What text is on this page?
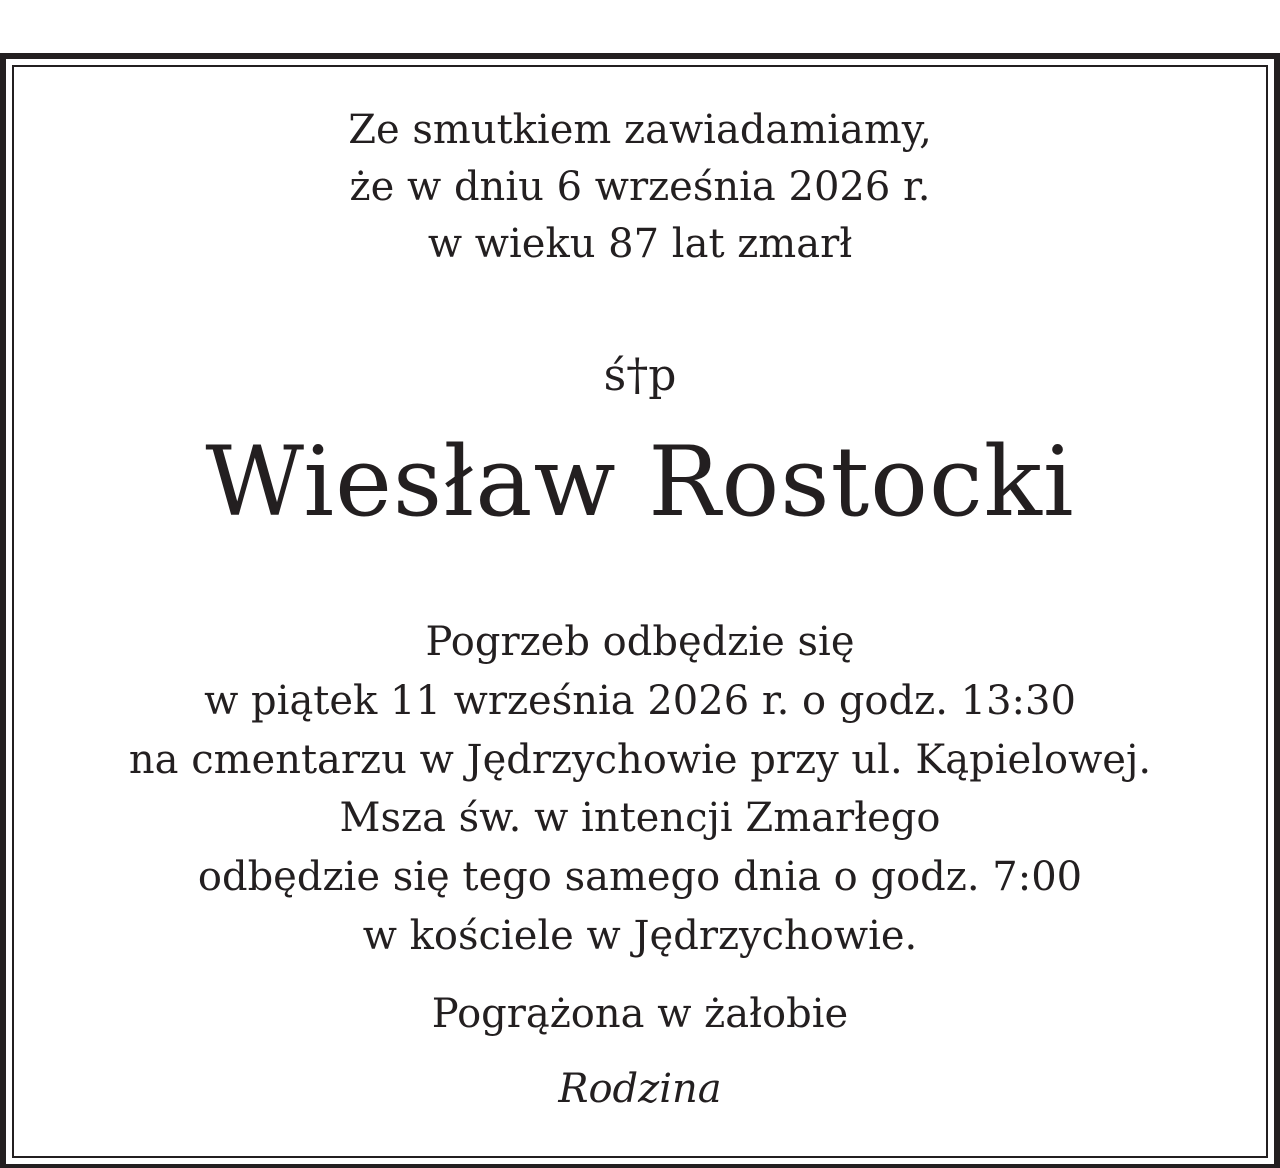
Ze smutkiem zawiadamiamy,
że w dniu 6 września 2026 r.
w wieku 87 lat zmarł
ś†p
Wiesław Rostocki
Pogrzeb odbędzie się
w piątek 11 września 2026 r. o godz. 13:30
na cmentarzu w Jędrzychowie przy ul. Kąpielowej.
Msza św. w intencji Zmarłego
odbędzie się tego samego dnia o godz. 7:00
w kościele w Jędrzychowie.
Pogrążona w żałobie
Rodzina
